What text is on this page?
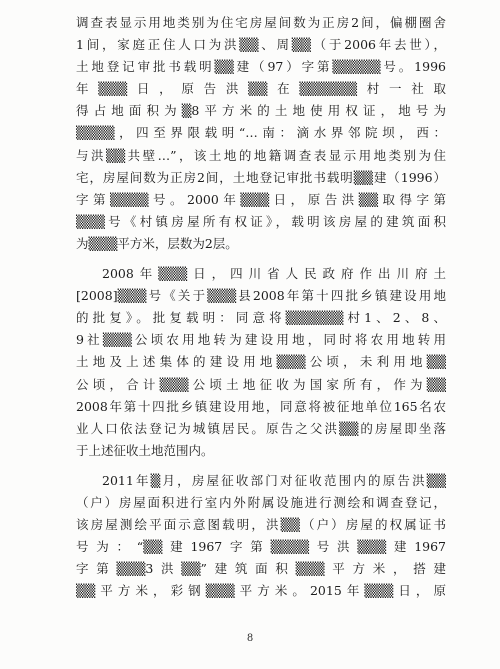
调查表显示用地类别为住宅房屋间数为正房2间，偏棚圈舍
1间，家庭正住人口为洪▒▒、周▒▒（于2006年去世），
土地登记审批书载明▒▒建（97）字第▒▒▒▒▒号。1996
年▒▒▒日，原告洪▒▒在▒▒▒▒▒▒村一社取
得占地面积为▒8平方米的土地使用权证，地号为
▒▒▒▒，四至界限载明“…南：滴水界邻院坝，西：
与洪▒▒共壁…”，该土地的地籍调查表显示用地类别为住
宅，房屋间数为正房2间，土地登记审批书载明▒▒建（1996）
字第▒▒▒▒号。2000年▒▒▒日，原告洪▒▒取得字第
▒▒▒号《村镇房屋所有权证》，载明该房屋的建筑面积
为▒▒▒平方米，层数为2层。
2008年▒▒▒日，四川省人民政府作出川府土
[2008]▒▒▒号《关于▒▒▒县2008年第十四批乡镇建设用地
的批复》。批复载明：同意将▒▒▒▒▒▒村1、2、8、
9社▒▒▒公顷农用地转为建设用地，同时将农用地转用
土地及上述集体的建设用地▒▒▒公顷，未利用地▒▒
公顷，合计▒▒▒公顷土地征收为国家所有，作为▒▒
2008年第十四批乡镇建设用地，同意将被征地单位165名农
业人口依法登记为城镇居民。原告之父洪▒▒的房屋即坐落
于上述征收土地范围内。
2011年▒月，房屋征收部门对征收范围内的原告洪▒▒
（户）房屋面积进行室内外附属设施进行测绘和调查登记，
该房屋测绘平面示意图载明，洪▒▒（户）房屋的权属证书
号为：“▒▒建1967字第▒▒▒▒号洪▒▒▒建1967
字第▒▒▒3洪▒▒”建筑面积▒▒▒平方米，搭建
▒▒平方米，彩钢▒▒▒平方米。2015年▒▒▒日，原
8
